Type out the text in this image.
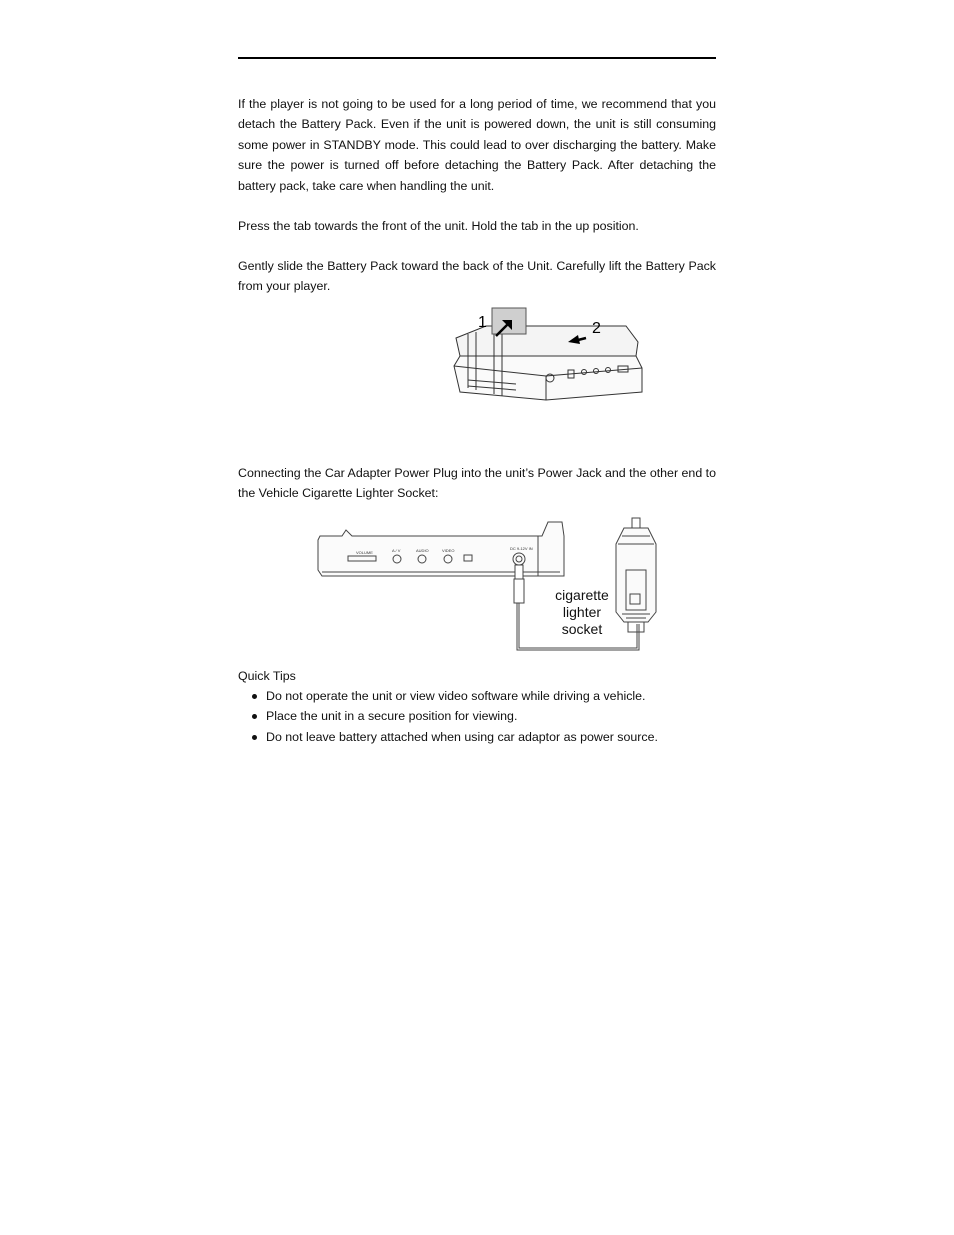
If the player is not going to be used for a long period of time, we recommend that you detach the Battery Pack. Even if the unit is powered down, the unit is still consuming some power in STANDBY mode. This could lead to over discharging the battery. Make sure the power is turned off before detaching the Battery Pack. After detaching the battery pack, take care when handling the unit.

Press the tab towards the front of the unit. Hold the tab in the up position.

Gently slide the Battery Pack toward the back of the Unit. Carefully lift the Battery Pack from your player.

1	2

Connecting the Car Adapter Power Plug into the unit’s Power Jack and the other end to the Vehicle Cigarette Lighter Socket:

VOLUME	A / V	AUDIO	VIDEO	DC 9-12V IN
cigarette
lighter
socket
Quick Tips
Do not operate the unit or view video software while driving a vehicle.
Place the unit in a secure position for viewing.
Do not leave battery attached when using car adaptor as power source.
